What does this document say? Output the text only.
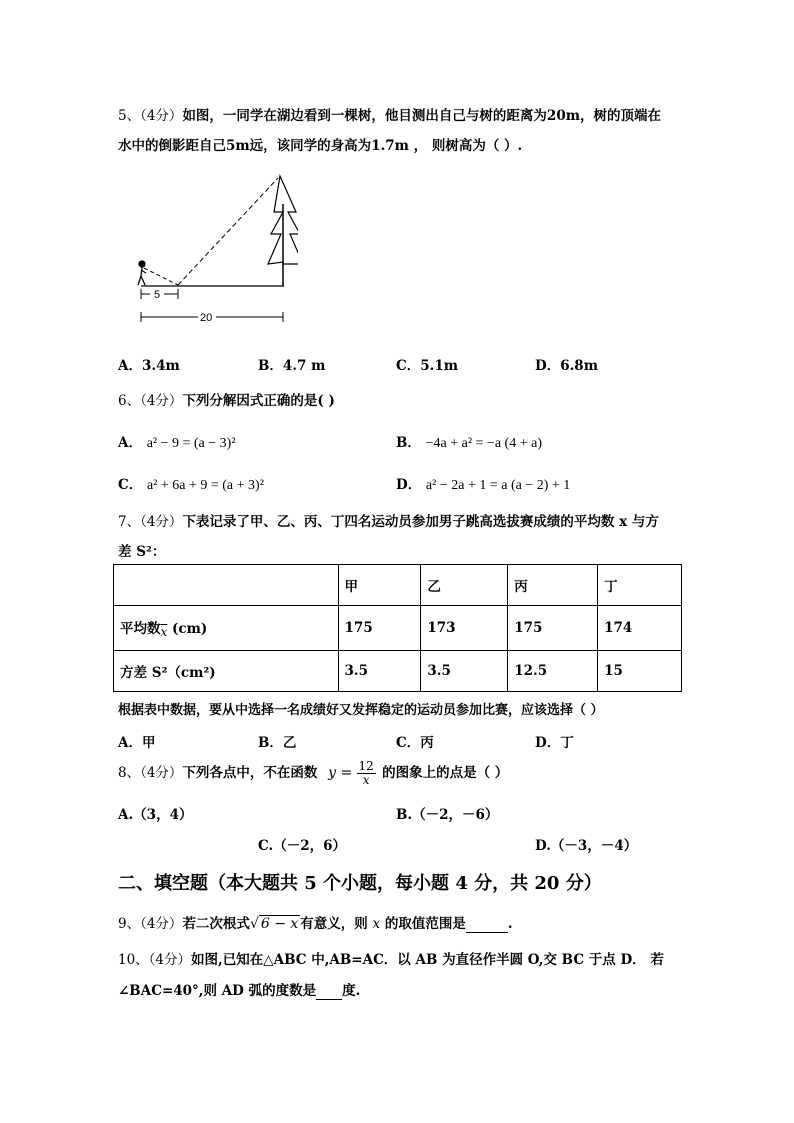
5、（4分）如图，一同学在湖边看到一棵树，他目测出自己与树的距离为20m，树的顶端在
水中的倒影距自己5m远，该同学的身高为1.7m ， 则树高为（ ）.
5
20
A．3.4m	B．4.7 m	C．5.1m	D．6.8m
6、（4分）下列分解因式正确的是( )
A． a² − 9 = (a − 3)²	B． −4a + a² = −a (4 + a)
C． a² + 6a + 9 = (a + 3)²	D． a² − 2a + 1 = a (a − 2) + 1
7、（4分）下表记录了甲、乙、丙、丁四名运动员参加男子跳高选拔赛成绩的平均数 x 与方
差 S²：
	甲	乙	丙	丁
平均数$\overline{x}$ (cm)	175	173	175	174
方差 S²（cm²)	3.5	3.5	12.5	15
根据表中数据，要从中选择一名成绩好又发挥稳定的运动员参加比赛，应该选择（ ）
A．甲	B．乙	C．丙	D．丁
8、（4分）下列各点中，不在函数 $y = \frac{12}{x}$ 的图象上的点是（ ）
A.（3，4）	B.（－2，－6）
C.（－2，6）	D.（－3，－4）
二、填空题（本大题共 5 个小题，每小题 4 分，共 20 分）
9、（4分）若二次根式√ 6 − x 有意义，则 x 的取值范围是	.
10、（4分）如图,已知在△ABC 中,AB=AC．以 AB 为直径作半圆 O,交 BC 于点 D． 若
∠BAC=40°,则 AD 弧的度数是 度.
